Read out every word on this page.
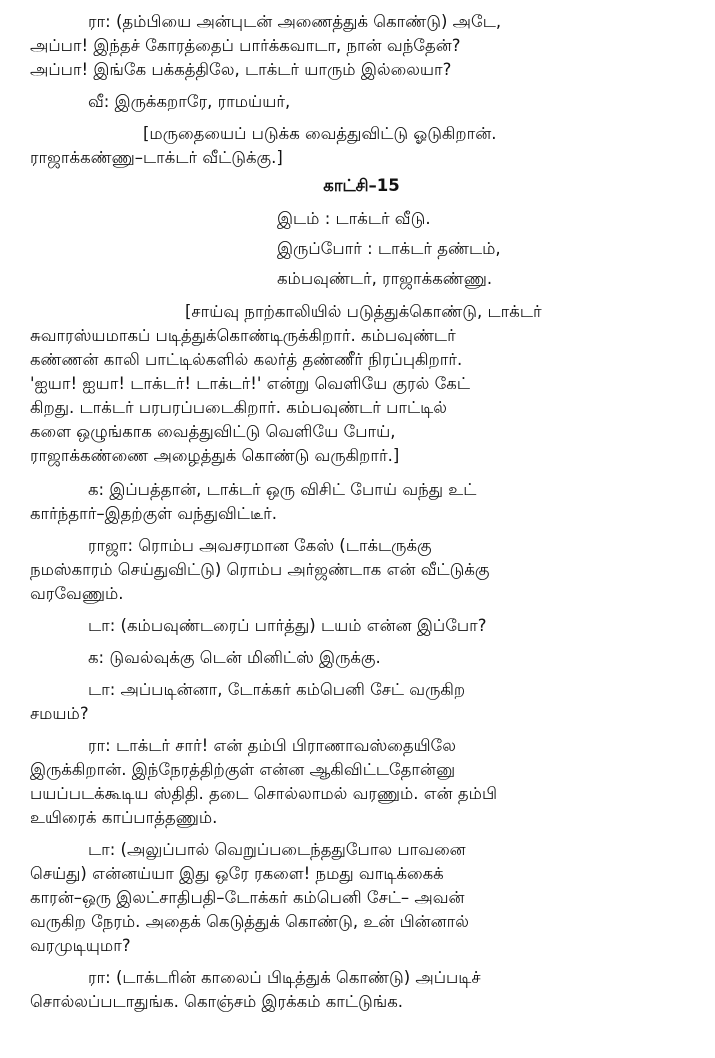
ரா: (தம்பியை அன்புடன் அணைத்துக் கொண்டு) அடே,
அப்பா! இந்தச் கோரத்தைப் பார்க்கவாடா, நான் வந்தேன்?
அப்பா! இங்கே பக்கத்திலே, டாக்டர் யாரும் இல்லையா?
வீ: இருக்கறாரே, ராமய்யர்,
[மருதையைப் படுக்க வைத்துவிட்டு ஓடுகிறான்.
ராஜாக்கண்ணு–டாக்டர் வீட்டுக்கு.]
காட்சி–15
இடம் : டாக்டர் வீடு.
இருப்போர் : டாக்டர் தண்டம்,
கம்பவுண்டர், ராஜாக்கண்ணு.
[சாய்வு நாற்காலியில் படுத்துக்கொண்டு, டாக்டர்
சுவாரஸ்யமாகப் படித்துக்கொண்டிருக்கிறார். கம்பவுண்டர்
கண்ணன் காலி பாட்டில்களில் கலர்த் தண்ணீர் நிரப்புகிறார்.
'ஐயா! ஐயா! டாக்டர்! டாக்டர்!' என்று வெளியே குரல் கேட்
கிறது. டாக்டர் பரபரப்படைகிறார். கம்பவுண்டர் பாட்டில்
களை ஒழுங்காக வைத்துவிட்டு வெளியே போய்,
ராஜாக்கண்ணை அழைத்துக் கொண்டு வருகிறார்.]
க: இப்பத்தான், டாக்டர் ஒரு விசிட் போய் வந்து உட்
கார்ந்தார்–இதற்குள் வந்துவிட்டீர்.
ராஜா: ரொம்ப அவசரமான கேஸ் (டாக்டருக்கு
நமஸ்காரம் செய்துவிட்டு) ரொம்ப அர்ஜண்டாக என் வீட்டுக்கு
வரவேணும்.
டா: (கம்பவுண்டரைப் பார்த்து) டயம் என்ன இப்போ?
க: டுவல்வுக்கு டென் மினிட்ஸ் இருக்கு.
டா: அப்படின்னா, டோக்கர் கம்பெனி சேட் வருகிற
சமயம்?
ரா: டாக்டர் சார்! என் தம்பி பிராணாவஸ்தையிலே
இருக்கிறான். இந்நேரத்திற்குள் என்ன ஆகிவிட்டதோன்னு
பயப்படக்கூடிய ஸ்திதி. தடை சொல்லாமல் வரணும். என் தம்பி
உயிரைக் காப்பாத்தணும்.
டா: (அலுப்பால் வெறுப்படைந்ததுபோல பாவனை
செய்து) என்னய்யா இது ஒரே ரகளை! நமது வாடிக்கைக்
காரன்–ஒரு இலட்சாதிபதி–டோக்கர் கம்பெனி சேட்– அவன்
வருகிற நேரம். அதைக் கெடுத்துக் கொண்டு, உன் பின்னால்
வரமுடியுமா?
ரா: (டாக்டரின் காலைப் பிடித்துக் கொண்டு) அப்படிச்
சொல்லப்படாதுங்க. கொஞ்சம் இரக்கம் காட்டுங்க.
